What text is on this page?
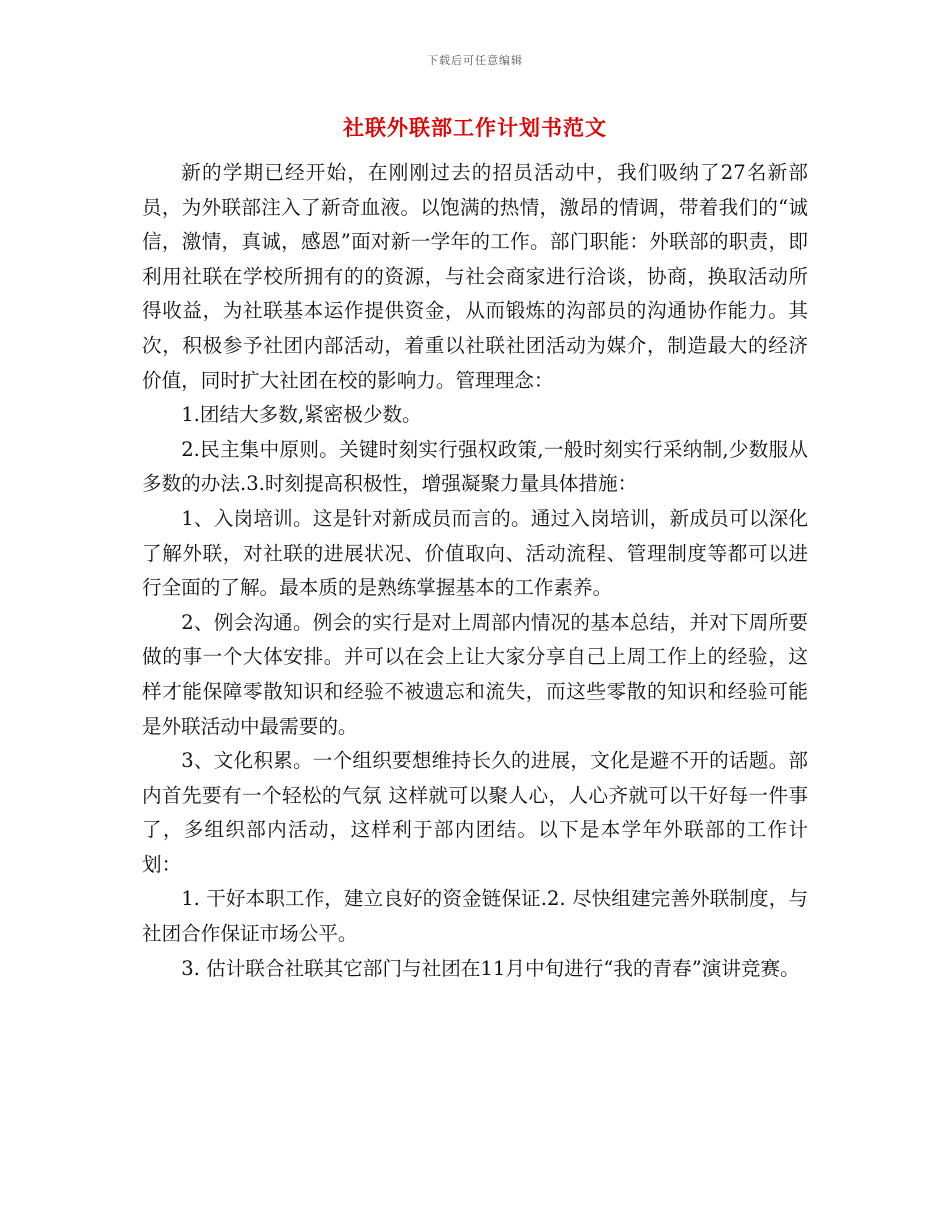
下载后可任意编辑
社联外联部工作计划书范文

新的学期已经开始，在刚刚过去的招员活动中，我们吸纳了27名新部员，为外联部注入了新奇血液。以饱满的热情，激昂的情调，带着我们的“诚信，激情，真诚，感恩”面对新一学年的工作。部门职能：外联部的职责，即利用社联在学校所拥有的的资源，与社会商家进行洽谈，协商，换取活动所得收益，为社联基本运作提供资金，从而锻炼的沟部员的沟通协作能力。其次，积极参予社团内部活动，着重以社联社团活动为媒介，制造最大的经济价值，同时扩大社团在校的影响力。管理理念：

1.团结大多数,紧密极少数。

2.民主集中原则。关键时刻实行强权政策,一般时刻实行采纳制,少数服从多数的办法.3.时刻提高积极性，增强凝聚力量具体措施：

1、入岗培训。这是针对新成员而言的。通过入岗培训，新成员可以深化了解外联，对社联的进展状况、价值取向、活动流程、管理制度等都可以进行全面的了解。最本质的是熟练掌握基本的工作素养。

2、例会沟通。例会的实行是对上周部内情况的基本总结，并对下周所要做的事一个大体安排。并可以在会上让大家分享自己上周工作上的经验，这样才能保障零散知识和经验不被遗忘和流失，而这些零散的知识和经验可能是外联活动中最需要的。

3、文化积累。一个组织要想维持长久的进展，文化是避不开的话题。部内首先要有一个轻松的气氛 这样就可以聚人心，人心齐就可以干好每一件事了，多组织部内活动，这样利于部内团结。以下是本学年外联部的工作计划：

1. 干好本职工作，建立良好的资金链保证.2. 尽快组建完善外联制度，与社团合作保证市场公平。

3. 估计联合社联其它部门与社团在11月中旬进行“我的青春”演讲竞赛。
